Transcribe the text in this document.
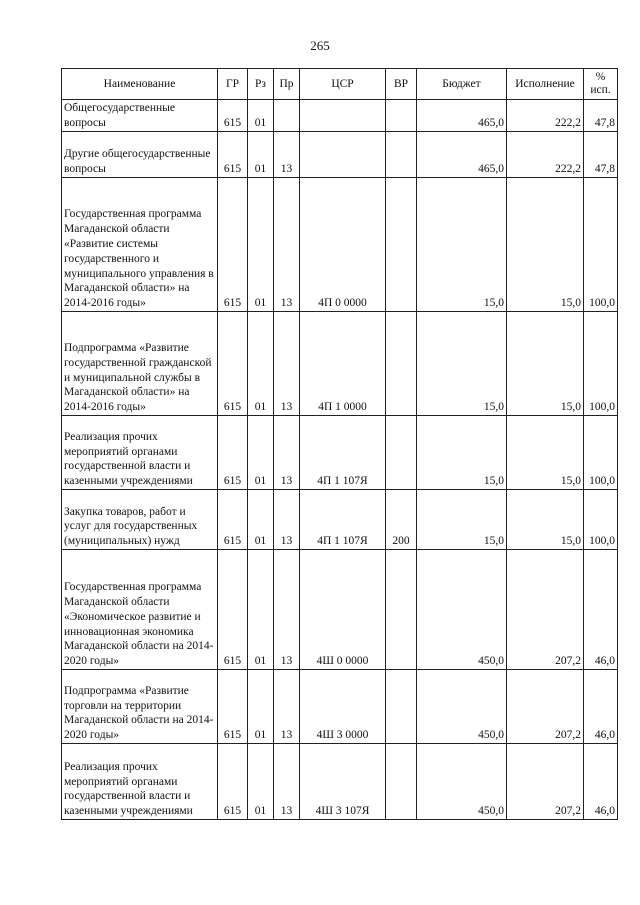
265
Наименование	ГР	Рз	Пр	ЦСР	ВР	Бюджет	Исполнение	% исп.
Общегосударственные вопросы	615	01				465,0	222,2	47,8
Другие общегосударственные вопросы	615	01	13			465,0	222,2	47,8
Государственная программа Магаданской области «Развитие системы государственного и муниципального управления в Магаданской области» на 2014-2016 годы»	615	01	13	4П 0 0000		15,0	15,0	100,0
Подпрограмма «Развитие государственной гражданской и муниципальной службы в Магаданской области» на 2014-2016 годы»	615	01	13	4П 1 0000		15,0	15,0	100,0
Реализация прочих мероприятий органами государственной власти и казенными учреждениями	615	01	13	4П 1 107Я		15,0	15,0	100,0
Закупка товаров, работ и услуг для государственных (муниципальных) нужд	615	01	13	4П 1 107Я	200	15,0	15,0	100,0
Государственная программа Магаданской области «Экономическое развитие и инновационная экономика Магаданской области на 2014-2020 годы»	615	01	13	4Ш 0 0000		450,0	207,2	46,0
Подпрограмма «Развитие торговли на территории Магаданской области на 2014-2020 годы»	615	01	13	4Ш 3 0000		450,0	207,2	46,0
Реализация прочих мероприятий органами государственной власти и казенными учреждениями	615	01	13	4Ш 3 107Я		450,0	207,2	46,0
